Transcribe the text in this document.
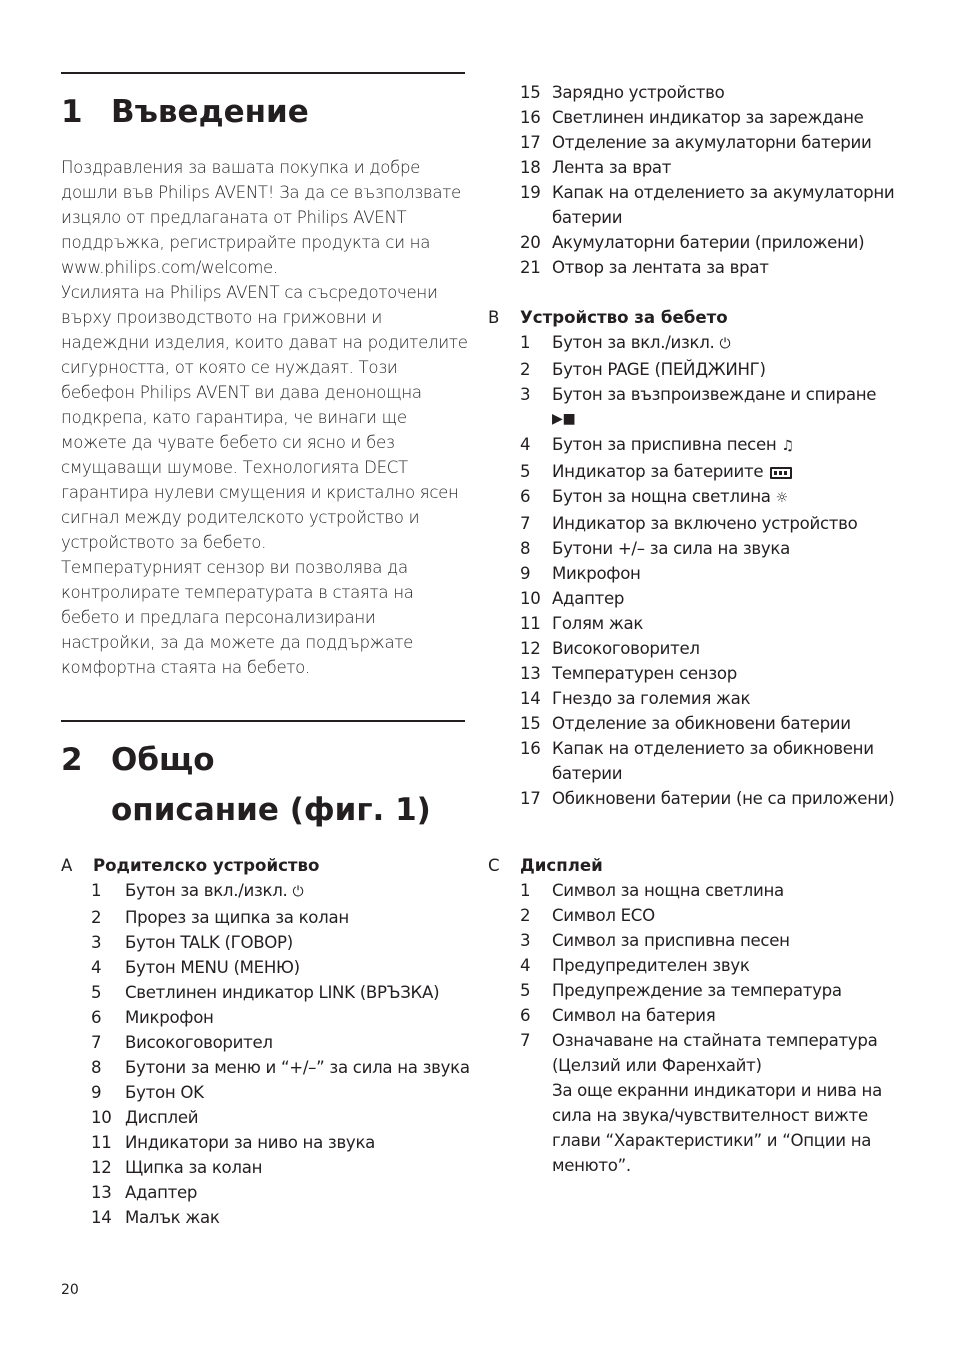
1 Въведение

Поздравления за вашата покупка и добре дошли във Philips AVENT! За да се възползвате изцяло от предлаганата от Philips AVENT поддръжка, регистрирайте продукта си на www.philips.com/welcome.

Усилията на Philips AVENT са съсредоточени върху производството на грижовни и надеждни изделия, които дават на родителите сигурността, от която се нуждаят. Този бебефон Philips AVENT ви дава денонощна подкрепа, като гарантира, че винаги ще можете да чувате бебето си ясно и без смущаващи шумове. Технологията DECT гарантира нулеви смущения и кристално ясен сигнал между родителското устройство и устройството за бебето.

Температурният сензор ви позволява да контролирате температурата в стаята на бебето и предлага персонализирани настройки, за да можете да поддържате комфортна стаята на бебето.

2 Общо
описание (фиг. 1)
A Родителско устройство
1 Бутон за вкл./изкл. ⏻
2 Прорез за щипка за колан
3 Бутон TALK (ГОВОР)
4 Бутон MENU (МЕНЮ)
5 Светлинен индикатор LINK (ВРЪЗКА)
6 Микрофон
7 Високоговорител
8 Бутони за меню и “+/–” за сила на звука
9 Бутон OK
10 Дисплей
11 Индикатори за ниво на звука
12 Щипка за колан
13 Адаптер
14 Малък жак
20
15 Зарядно устройство
16 Светлинен индикатор за зареждане
17 Отделение за акумулаторни батерии
18 Лента за врат
19 Капак на отделението за акумулаторни батерии
20 Акумулаторни батерии (приложени)
21 Отвор за лентата за врат
B Устройство за бебето
1 Бутон за вкл./изкл. ⏻
2 Бутон PAGE (ПЕЙДЖИНГ)
3 Бутон за възпроизвеждане и спиране
▶■
4 Бутон за приспивна песен ♫
5 Индикатор за батериите
6 Бутон за нощна светлина ☼
7 Индикатор за включено устройство
8 Бутони +/– за сила на звука
9 Микрофон
10 Адаптер
11 Голям жак
12 Високоговорител
13 Температурен сензор
14 Гнездо за големия жак
15 Отделение за обикновени батерии
16 Капак на отделението за обикновени батерии
17 Обикновени батерии (не са приложени)
C Дисплей
1 Символ за нощна светлина
2 Символ ECO
3 Символ за приспивна песен
4 Предупредителен звук
5 Предупреждение за температура
6 Символ на батерия
7 Означаване на стайната температура (Целзий или Фаренхайт)
За още екранни индикатори и нива на сила на звука/чувствителност вижте глави “Характеристики” и “Опции на менюто”.
